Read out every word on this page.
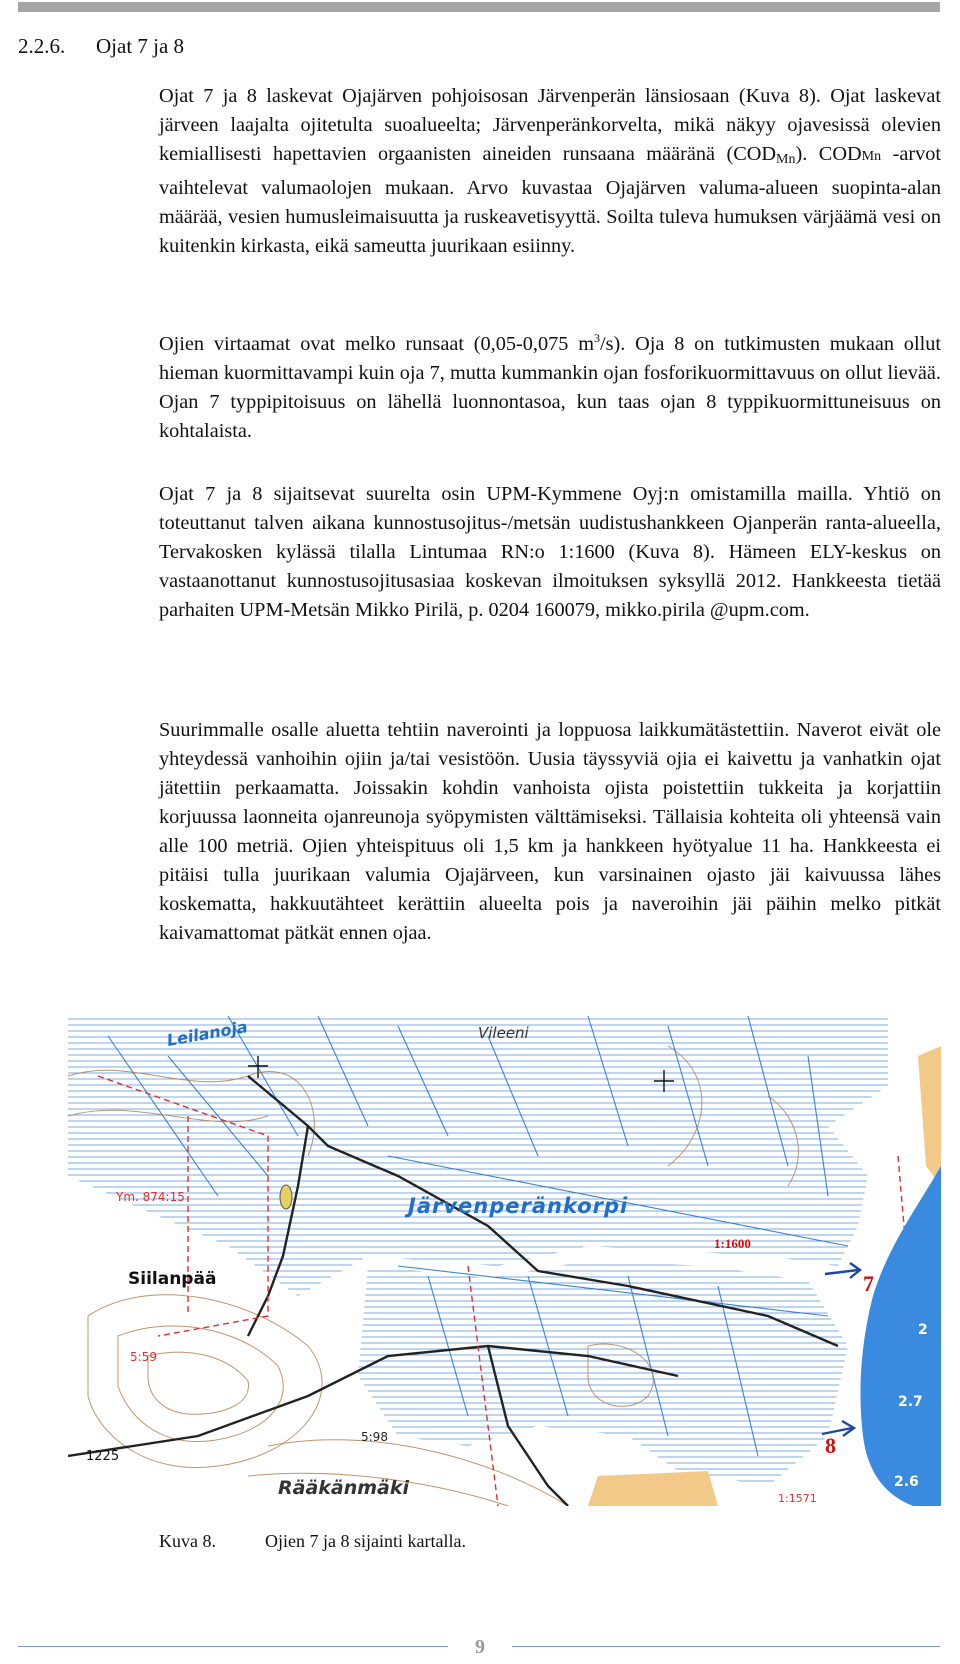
2.2.6. Ojat 7 ja 8

Ojat 7 ja 8 laskevat Ojajärven pohjoisosan Järvenperän länsiosaan (Kuva 8). Ojat laskevat järveen laajalta ojitetulta suoalueelta; Järvenperänkorvelta, mikä näkyy ojavesissä olevien kemiallisesti hapettavien orgaanisten aineiden runsaana määränä $(COD_{Mn})$. CODMn -arvot vaihtelevat valumaolojen mukaan. Arvo kuvastaa Ojajärven valuma-alueen suopinta-alan määrää, vesien humusleimaisuutta ja ruskeavetisyyttä. Soilta tuleva humuksen värjäämä vesi on kuitenkin kirkasta, eikä sameutta juurikaan esiinny.

Ojien virtaamat ovat melko runsaat (0,05-0,075 $m^3/s$). Oja 8 on tutkimusten mukaan ollut hieman kuormittavampi kuin oja 7, mutta kummankin ojan fosforikuormittavuus on ollut lievää. Ojan 7 typpipitoisuus on lähellä luonnontasoa, kun taas ojan 8 typpikuormittuneisuus on kohtalaista.

Ojat 7 ja 8 sijaitsevat suurelta osin UPM-Kymmene Oyj:n omistamilla mailla. Yhtiö on toteuttanut talven aikana kunnostusojitus-/metsän uudistushankkeen Ojanperän ranta-alueella, Tervakosken kylässä tilalla Lintumaa RN:o 1:1600 (Kuva 8). Hämeen ELY-keskus on vastaanottanut kunnostusojitusasiaa koskevan ilmoituksen syksyllä 2012. Hankkeesta tietää parhaiten UPM-Metsän Mikko Pirilä, p. 0204 160079, mikko.pirila @upm.com.

Suurimmalle osalle aluetta tehtiin naverointi ja loppuosa laikkumätästettiin. Naverot eivät ole yhteydessä vanhoihin ojiin ja/tai vesistöön. Uusia täyssyviä ojia ei kaivettu ja vanhatkin ojat jätettiin perkaamatta. Joissakin kohdin vanhoista ojista poistettiin tukkeita ja korjattiin korjuussa laonneita ojanreunoja syöpymisten välttämiseksi. Tällaisia kohteita oli yhteensä vain alle 100 metriä. Ojien yhteispituus oli 1,5 km ja hankkeen hyötyalue 11 ha. Hankkeesta ei pitäisi tulla juurikaan valumia Ojajärveen, kun varsinainen ojasto jäi kaivuussa lähes koskematta, hakkuutähteet kerättiin alueelta pois ja naveroihin jäi päihin melko pitkät kaivamattomat pätkät ennen ojaa.

Leilanoja	Vileeni
Järvenperänkorpi
Siilanpää
Rääkänmäki
Ym. 874:15
5:59
5:98
1225
1:1571
1:1600
7
8
2.7
2.6
2
Kuva 8.	Ojien 7 ja 8 sijainti kartalla.
9
